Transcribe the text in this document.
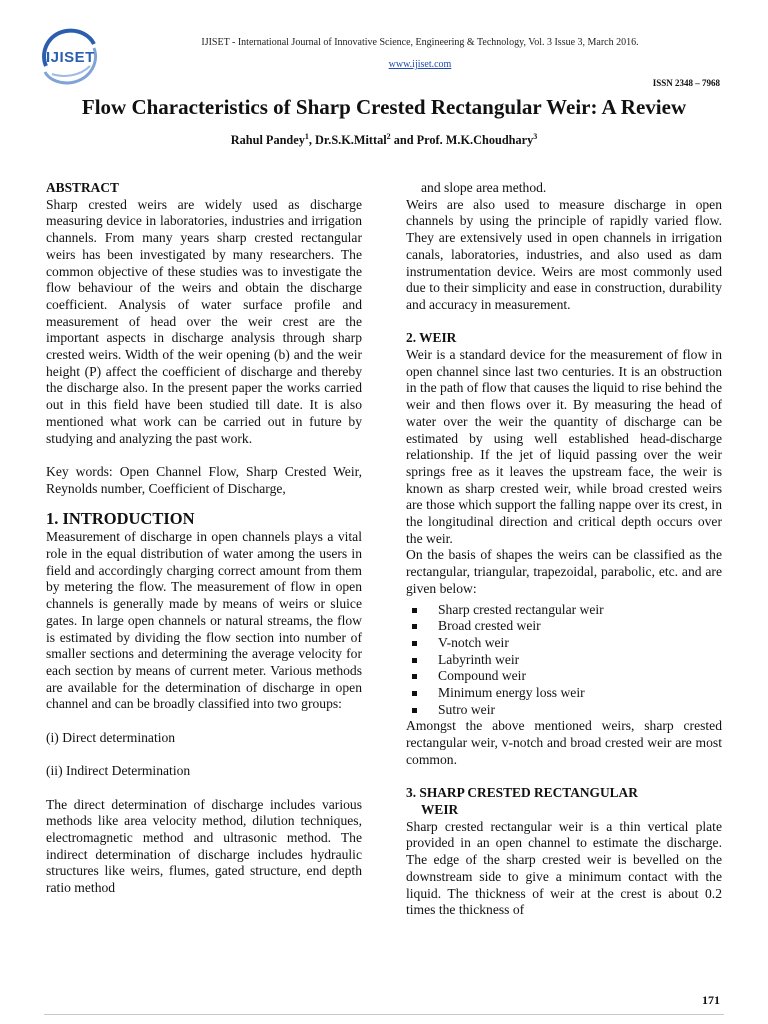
IJISET
IJISET - International Journal of Innovative Science, Engineering & Technology, Vol. 3 Issue 3, March 2016.
www.ijiset.com
ISSN 2348 – 7968
Flow Characteristics of Sharp Crested Rectangular Weir: A Review
Rahul Pandey$^1$, Dr.S.K.Mittal$^2$ and Prof. M.K.Choudhary$^3$

ABSTRACT

Sharp crested weirs are widely used as discharge measuring device in laboratories, industries and irrigation channels. From many years sharp crested rectangular weirs has been investigated by many researchers. The common objective of these studies was to investigate the flow behaviour of the weirs and obtain the discharge coefficient. Analysis of water surface profile and measurement of head over the weir crest are the important aspects in discharge analysis through sharp crested weirs. Width of the weir opening (b) and the weir height (P) affect the coefficient of discharge and thereby the discharge also. In the present paper the works carried out in this field have been studied till date. It is also mentioned what work can be carried out in future by studying and analyzing the past work.

Key words: Open Channel Flow, Sharp Crested Weir, Reynolds number, Coefficient of Discharge,

1. INTRODUCTION

Measurement of discharge in open channels plays a vital role in the equal distribution of water among the users in field and accordingly charging correct amount from them by metering the flow. The measurement of flow in open channels is generally made by means of weirs or sluice gates. In large open channels or natural streams, the flow is estimated by dividing the flow section into number of smaller sections and determining the average velocity for each section by means of current meter. Various methods are available for the determination of discharge in open channel and can be broadly classified into two groups:

(i) Direct determination

(ii) Indirect Determination

The direct determination of discharge includes various methods like area velocity method, dilution techniques, electromagnetic method and ultrasonic method. The indirect determination of discharge includes hydraulic structures like weirs, flumes, gated structure, end depth ratio method

and slope area method.

Weirs are also used to measure discharge in open channels by using the principle of rapidly varied flow. They are extensively used in open channels in irrigation canals, laboratories, industries, and also used as dam instrumentation device. Weirs are most commonly used due to their simplicity and ease in construction, durability and accuracy in measurement.

2. WEIR

Weir is a standard device for the measurement of flow in open channel since last two centuries. It is an obstruction in the path of flow that causes the liquid to rise behind the weir and then flows over it. By measuring the head of water over the weir the quantity of discharge can be estimated by using well established head-discharge relationship. If the jet of liquid passing over the weir springs free as it leaves the upstream face, the weir is known as sharp crested weir, while broad crested weirs are those which support the falling nappe over its crest, in the longitudinal direction and critical depth occurs over the weir.

On the basis of shapes the weirs can be classified as the rectangular, triangular, trapezoidal, parabolic, etc. and are given below:

Sharp crested rectangular weir
Broad crested weir
V-notch weir
Labyrinth weir
Compound weir
Minimum energy loss weir
Sutro weir

Amongst the above mentioned weirs, sharp crested rectangular weir, v-notch and broad crested weir are most common.

3. SHARP CRESTED RECTANGULAR
WEIR

Sharp crested rectangular weir is a thin vertical plate provided in an open channel to estimate the discharge. The edge of the sharp crested weir is bevelled on the downstream side to give a minimum contact with the liquid. The thickness of weir at the crest is about 0.2 times the thickness of

171
